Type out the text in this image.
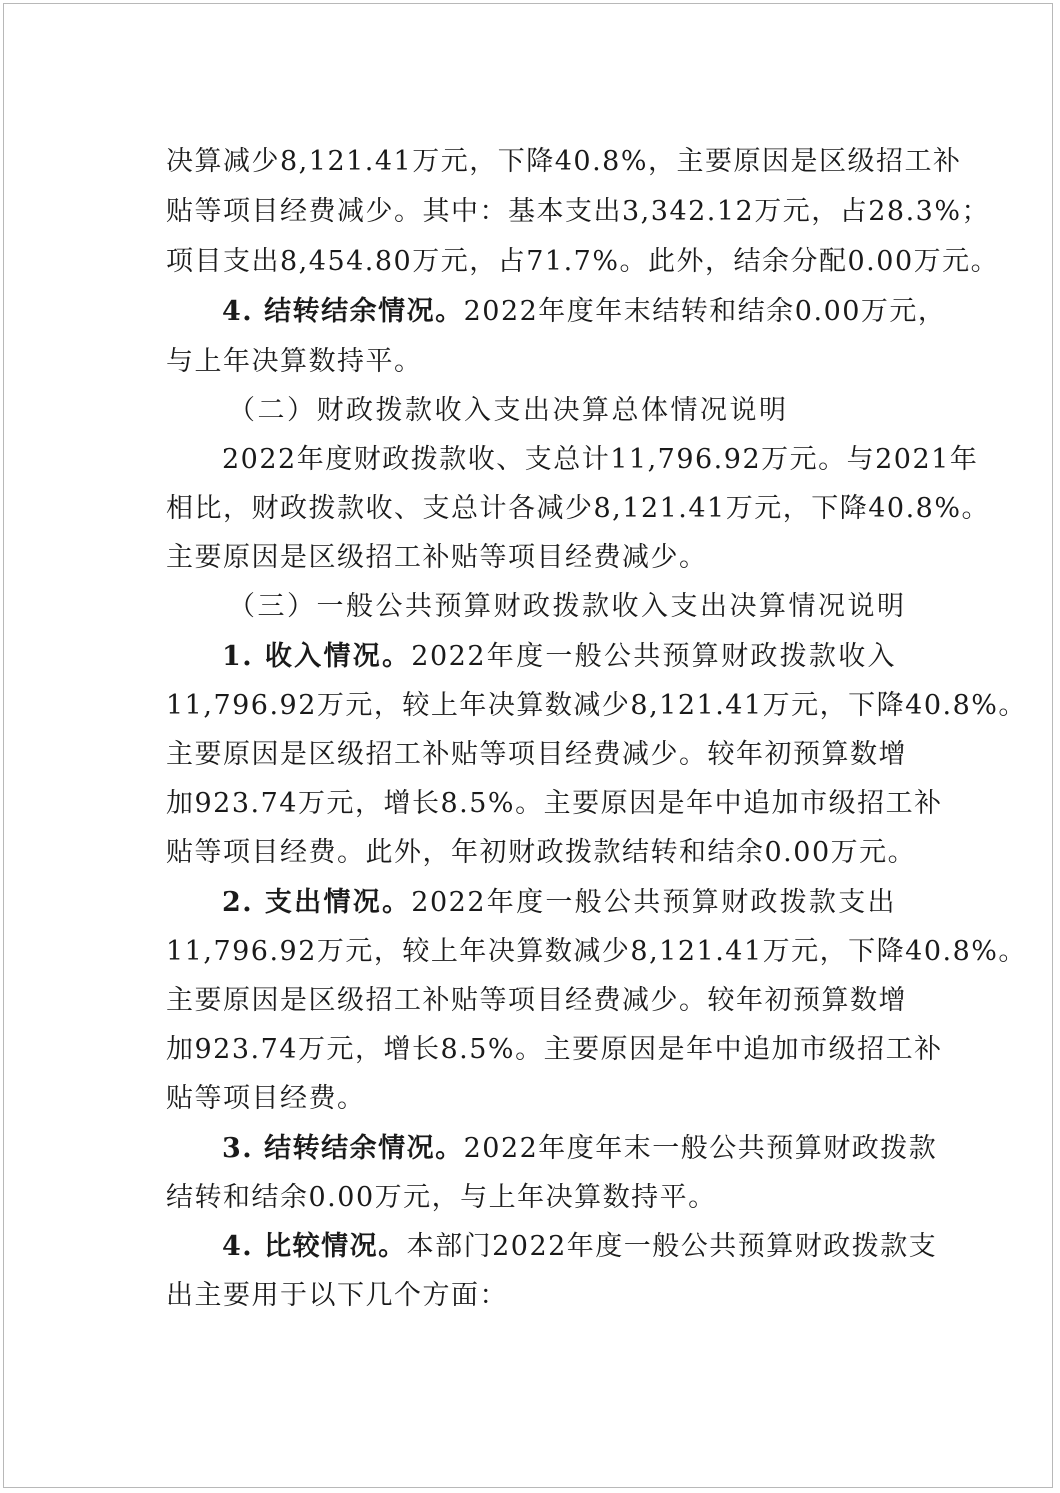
决算减少8,121.41万元，下降40.8%，主要原因是区级招工补
贴等项目经费减少。其中：基本支出3,342.12万元，占28.3%；
项目支出8,454.80万元，占71.7%。此外，结余分配0.00万元。
4. 结转结余情况。2022年度年末结转和结余0.00万元，
与上年决算数持平。
（二）财政拨款收入支出决算总体情况说明
2022年度财政拨款收、支总计11,796.92万元。与2021年
相比，财政拨款收、支总计各减少8,121.41万元，下降40.8%。
主要原因是区级招工补贴等项目经费减少。
（三）一般公共预算财政拨款收入支出决算情况说明
1. 收入情况。2022年度一般公共预算财政拨款收入
11,796.92万元，较上年决算数减少8,121.41万元，下降40.8%。
主要原因是区级招工补贴等项目经费减少。较年初预算数增
加923.74万元，增长8.5%。主要原因是年中追加市级招工补
贴等项目经费。此外，年初财政拨款结转和结余0.00万元。
2. 支出情况。2022年度一般公共预算财政拨款支出
11,796.92万元，较上年决算数减少8,121.41万元，下降40.8%。
主要原因是区级招工补贴等项目经费减少。较年初预算数增
加923.74万元，增长8.5%。主要原因是年中追加市级招工补
贴等项目经费。
3. 结转结余情况。2022年度年末一般公共预算财政拨款
结转和结余0.00万元，与上年决算数持平。
4. 比较情况。本部门2022年度一般公共预算财政拨款支
出主要用于以下几个方面：
